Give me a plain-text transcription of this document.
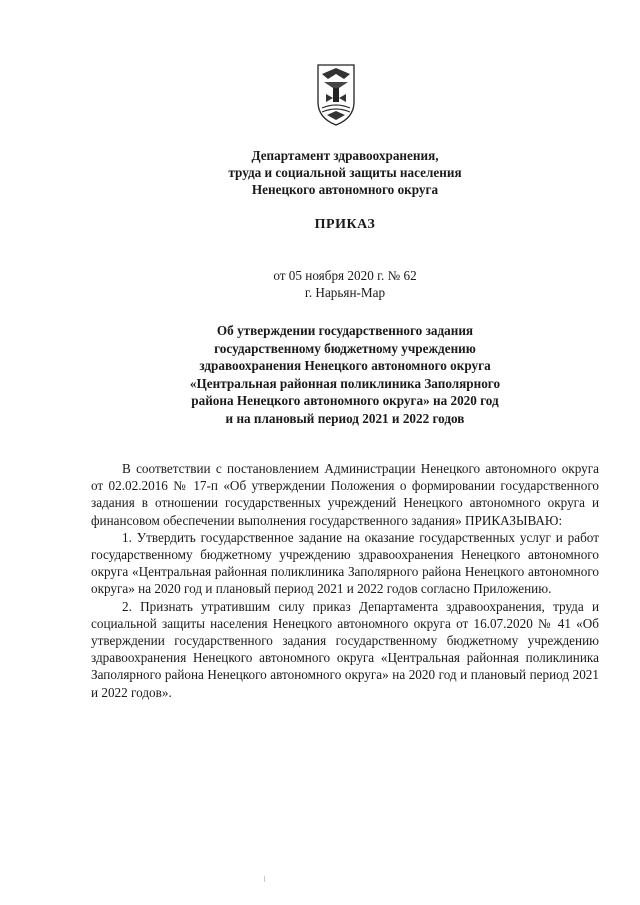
Департамент здравоохранения,
труда и социальной защиты населения
Ненецкого автономного округа
ПРИКАЗ
от 05 ноября 2020 г. № 62
г. Нарьян-Мар
Об утверждении государственного задания
государственному бюджетному учреждению
здравоохранения Ненецкого автономного округа
«Центральная районная поликлиника Заполярного
района Ненецкого автономного округа» на 2020 год
и на плановый период 2021 и 2022 годов

В соответствии с постановлением Администрации Ненецкого автономного округа от 02.02.2016 № 17-п «Об утверждении Положения о формировании государственного задания в отношении государственных учреждений Ненецкого автономного округа и финансовом обеспечении выполнения государственного задания» ПРИКАЗЫВАЮ:

1. Утвердить государственное задание на оказание государственных услуг и работ государственному бюджетному учреждению здравоохранения Ненецкого автономного округа «Центральная районная поликлиника Заполярного района Ненецкого автономного округа» на 2020 год и плановый период 2021 и 2022 годов согласно Приложению.

2. Признать утратившим силу приказ Департамента здравоохранения, труда и социальной защиты населения Ненецкого автономного округа от 16.07.2020 № 41 «Об утверждении государственного задания государственному бюджетному учреждению здравоохранения Ненецкого автономного округа «Центральная районная поликлиника Заполярного района Ненецкого автономного округа» на 2020 год и плановый период 2021 и 2022 годов».
